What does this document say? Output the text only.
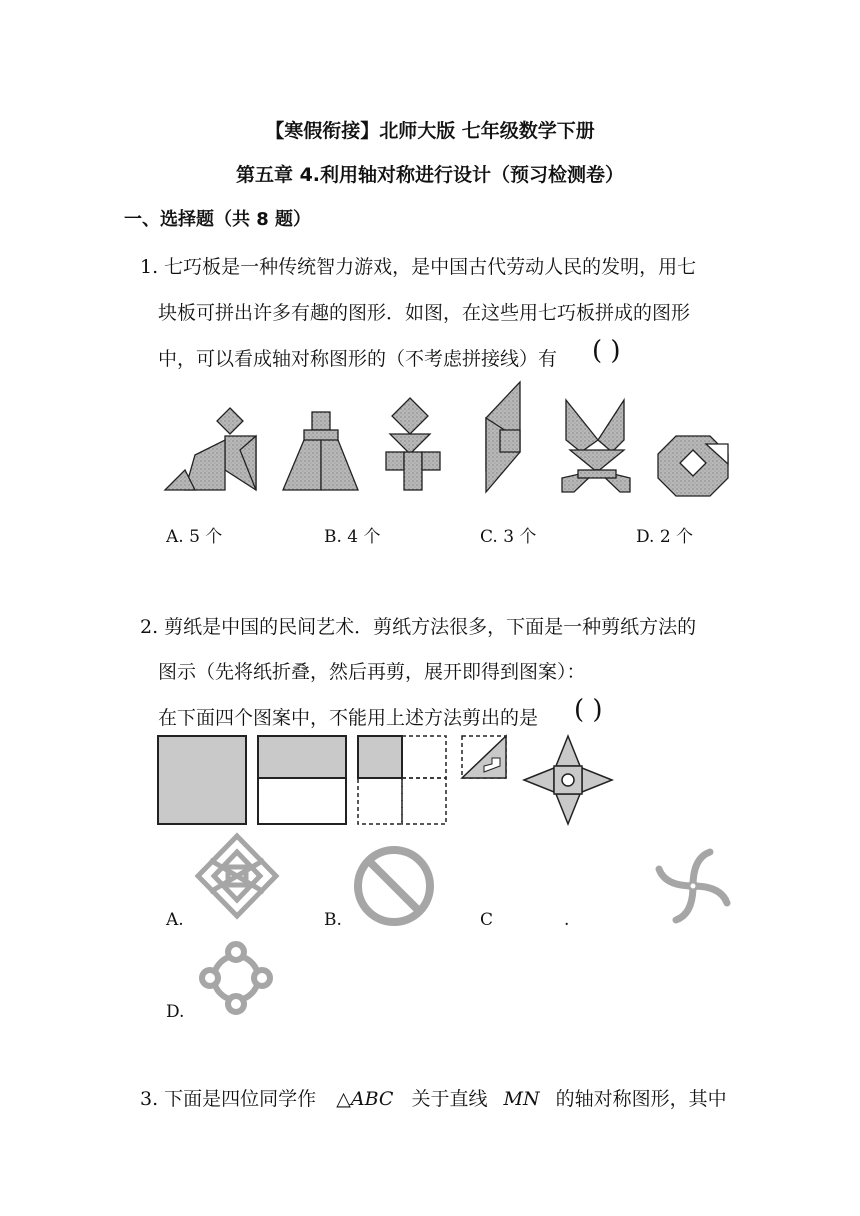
【寒假衔接】北师大版 七年级数学下册
第五章 4.利用轴对称进行设计（预习检测卷）
一、选择题（共 8 题）
1. 七巧板是一种传统智力游戏，是中国古代劳动人民的发明，用七
块板可拼出许多有趣的图形．如图，在这些用七巧板拼成的图形
中，可以看成轴对称图形的（不考虑拼接线）有 ( )
A. 5 个	B. 4 个	C. 3 个	D. 2 个
2. 剪纸是中国的民间艺术．剪纸方法很多，下面是一种剪纸方法的
图示（先将纸折叠，然后再剪，展开即得到图案）：
在下面四个图案中，不能用上述方法剪出的是 ( )
A.	B.	C	.
D.
3. 下面是四位同学作 △ABC 关于直线 MN 的轴对称图形，其中
